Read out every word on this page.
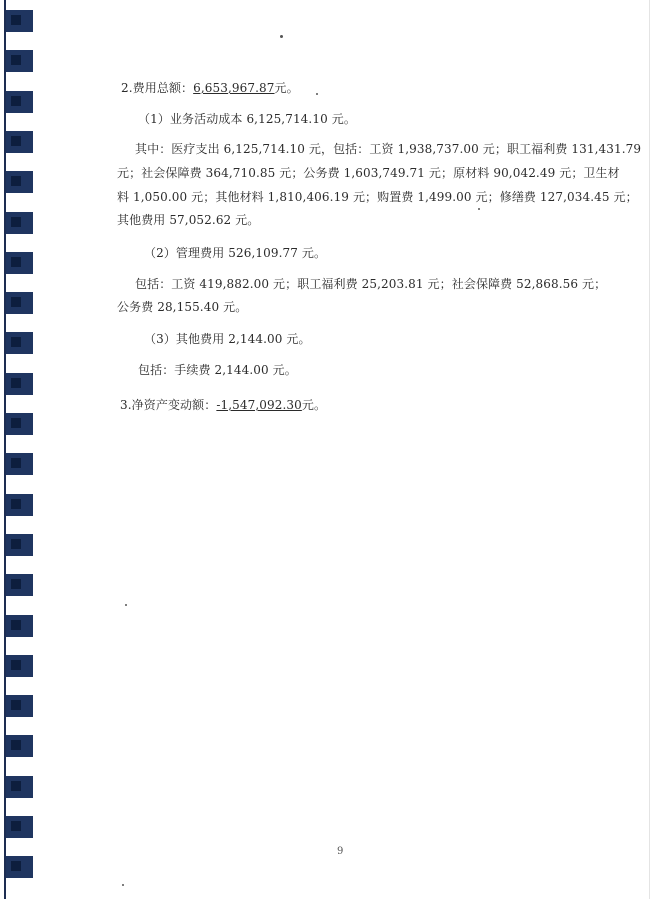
2.费用总额：6,653,967.87元。
（1）业务活动成本 6,125,714.10 元。
其中：医疗支出 6,125,714.10 元，包括：工资 1,938,737.00 元；职工福利费 131,431.79
元；社会保障费 364,710.85 元；公务费 1,603,749.71 元；原材料 90,042.49 元；卫生材
料 1,050.00 元；其他材料 1,810,406.19 元；购置费 1,499.00 元；修缮费 127,034.45 元；
其他费用 57,052.62 元。
（2）管理费用 526,109.77 元。
包括：工资 419,882.00 元；职工福利费 25,203.81 元；社会保障费 52,868.56 元；
公务费 28,155.40 元。
（3）其他费用 2,144.00 元。
包括：手续费 2,144.00 元。
3.净资产变动额：-1,547,092.30元。
9
